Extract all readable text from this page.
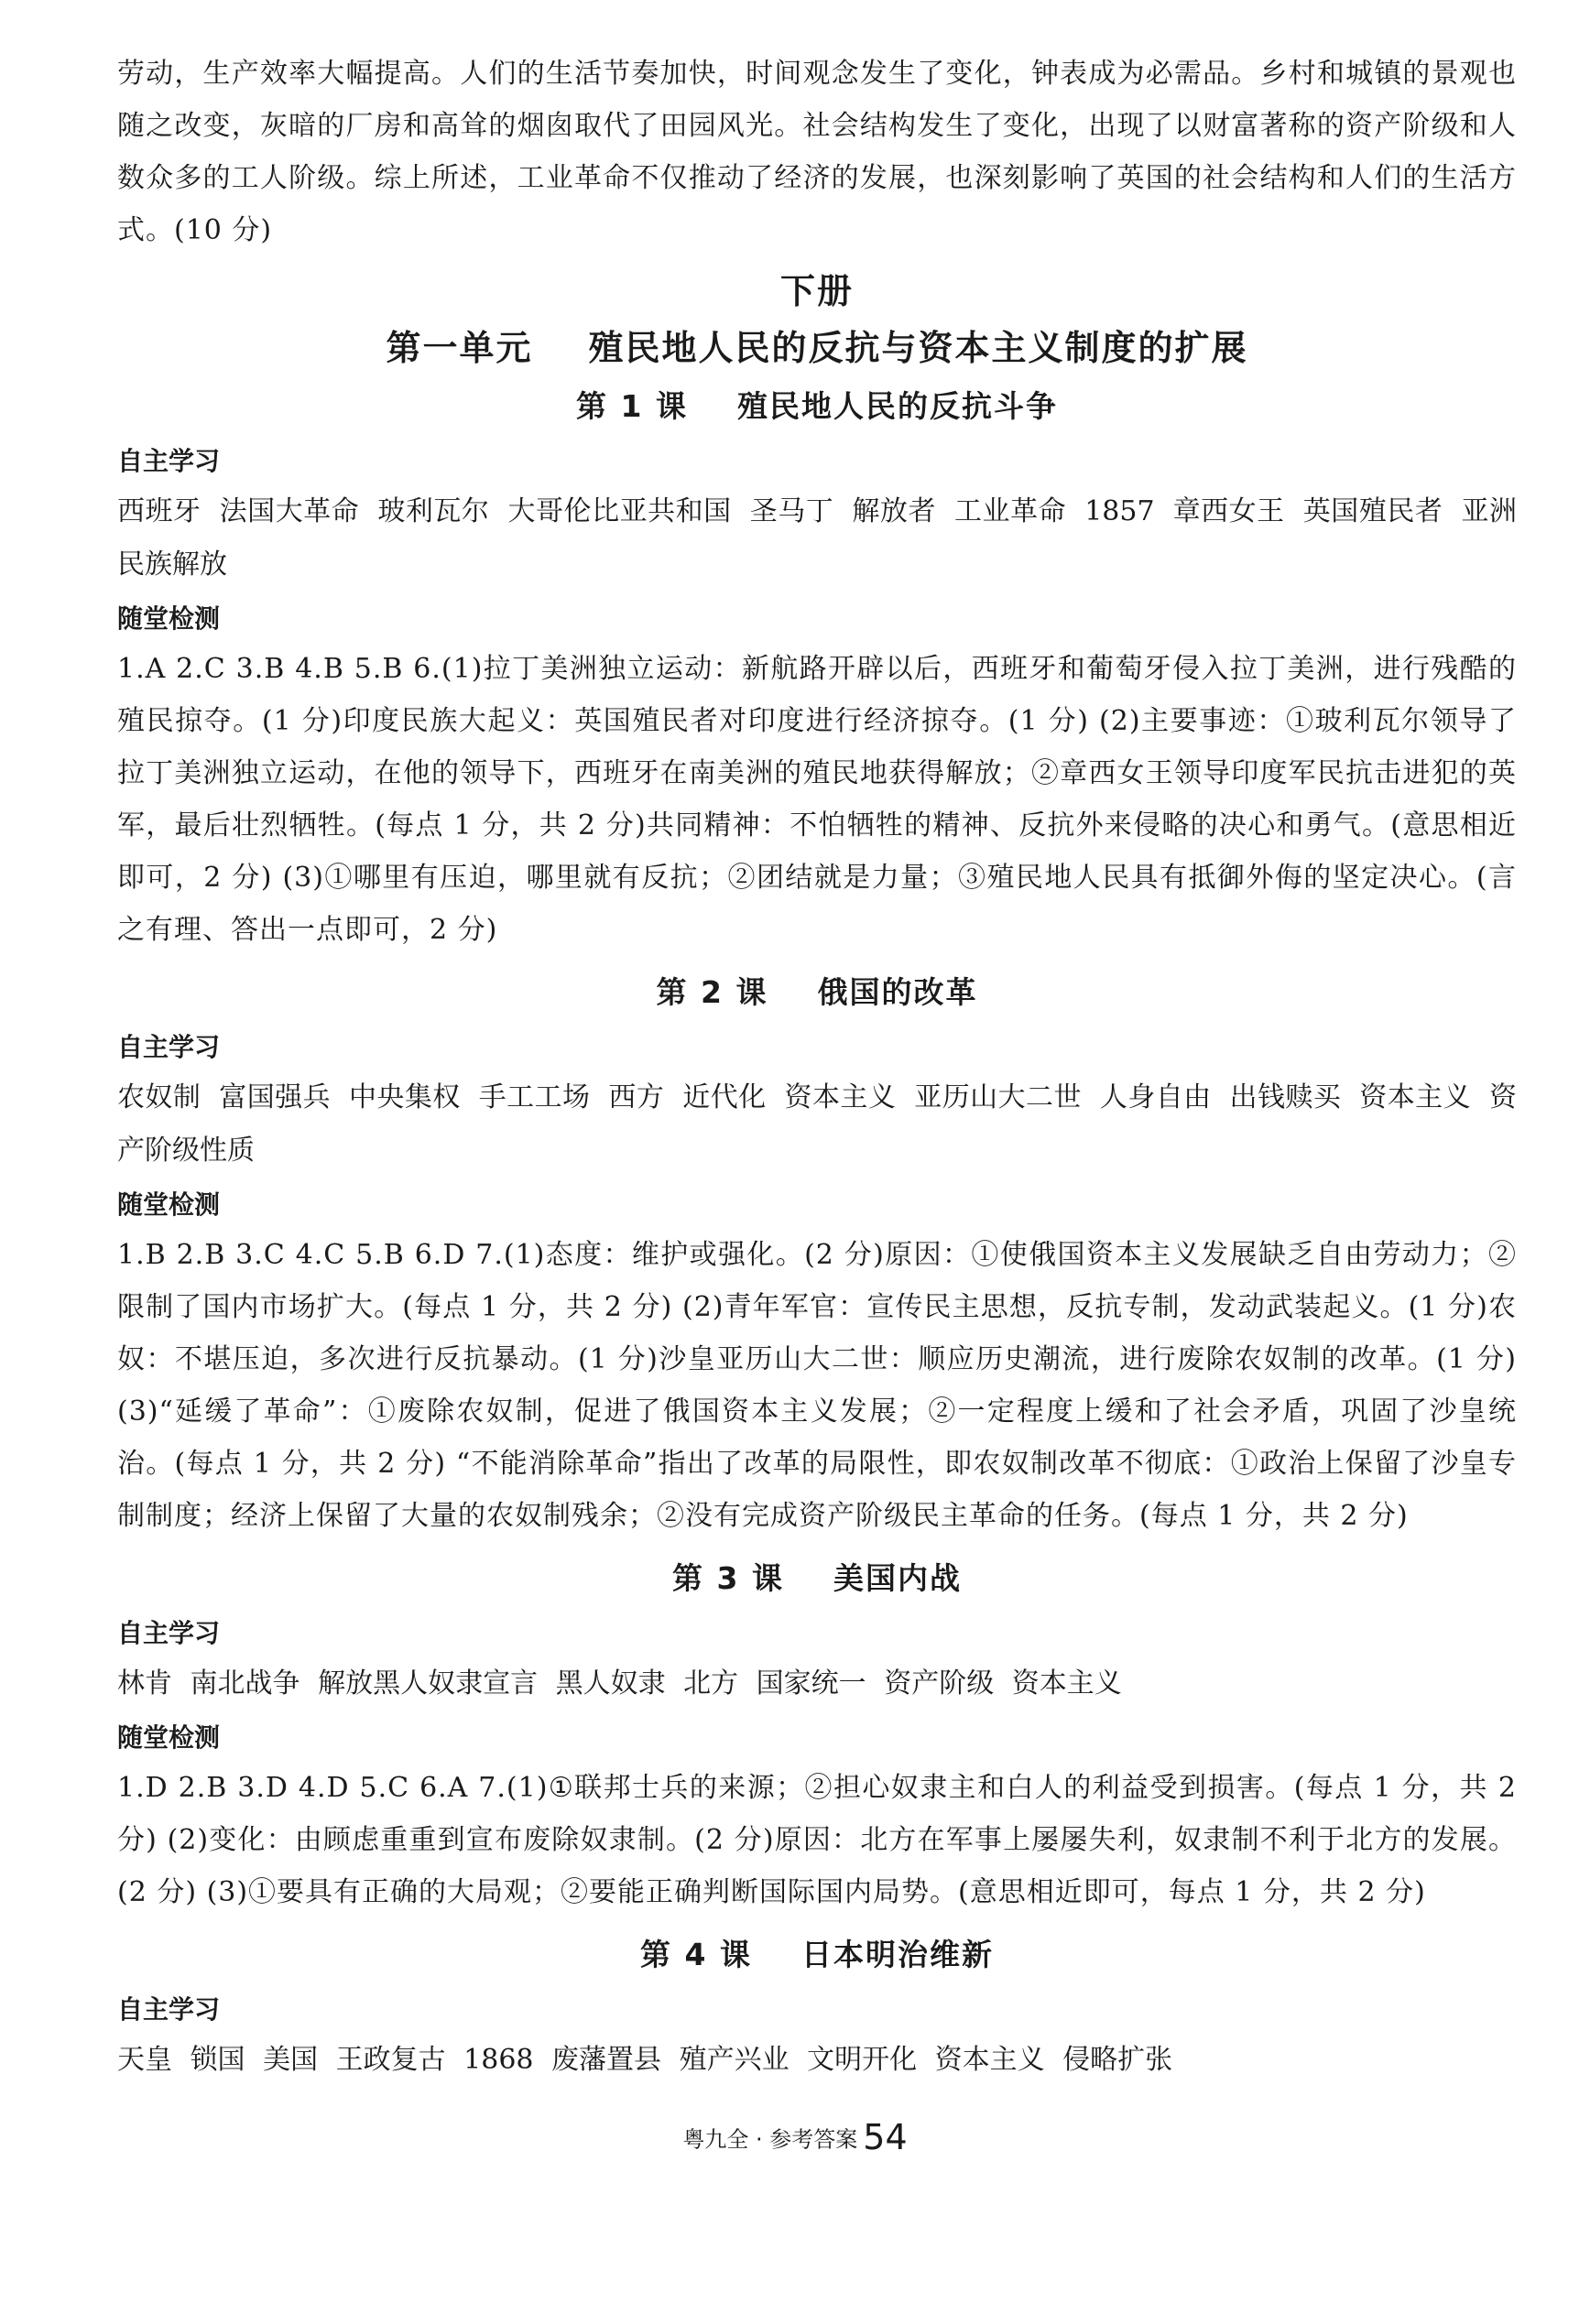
劳动，生产效率大幅提高。人们的生活节奏加快，时间观念发生了变化，钟表成为必需品。乡村和城镇的景观也随之改变，灰暗的厂房和高耸的烟囱取代了田园风光。社会结构发生了变化，出现了以财富著称的资产阶级和人数众多的工人阶级。综上所述，工业革命不仅推动了经济的发展，也深刻影响了英国的社会结构和人们的生活方式。(10 分)

下册
第一单元    殖民地人民的反抗与资本主义制度的扩展
第 1 课    殖民地人民的反抗斗争
自主学习

西班牙 法国大革命 玻利瓦尔 大哥伦比亚共和国 圣马丁 解放者 工业革命 1857 章西女王 英国殖民者 亚洲民族解放

随堂检测

1.A 2.C 3.B 4.B 5.B 6.(1)拉丁美洲独立运动：新航路开辟以后，西班牙和葡萄牙侵入拉丁美洲，进行残酷的殖民掠夺。(1 分)印度民族大起义：英国殖民者对印度进行经济掠夺。(1 分) (2)主要事迹：①玻利瓦尔领导了拉丁美洲独立运动，在他的领导下，西班牙在南美洲的殖民地获得解放；②章西女王领导印度军民抗击进犯的英军，最后壮烈牺牲。(每点 1 分，共 2 分)共同精神：不怕牺牲的精神、反抗外来侵略的决心和勇气。(意思相近即可，2 分) (3)①哪里有压迫，哪里就有反抗；②团结就是力量；③殖民地人民具有抵御外侮的坚定决心。(言之有理、答出一点即可，2 分)

第 2 课    俄国的改革
自主学习

农奴制 富国强兵 中央集权 手工工场 西方 近代化 资本主义 亚历山大二世 人身自由 出钱赎买 资本主义 资产阶级性质

随堂检测

1.B 2.B 3.C 4.C 5.B 6.D 7.(1)态度：维护或强化。(2 分)原因：①使俄国资本主义发展缺乏自由劳动力；②限制了国内市场扩大。(每点 1 分，共 2 分) (2)青年军官：宣传民主思想，反抗专制，发动武装起义。(1 分)农奴：不堪压迫，多次进行反抗暴动。(1 分)沙皇亚历山大二世：顺应历史潮流，进行废除农奴制的改革。(1 分) (3)“延缓了革命”：①废除农奴制，促进了俄国资本主义发展；②一定程度上缓和了社会矛盾，巩固了沙皇统治。(每点 1 分，共 2 分) “不能消除革命”指出了改革的局限性，即农奴制改革不彻底：①政治上保留了沙皇专制制度；经济上保留了大量的农奴制残余；②没有完成资产阶级民主革命的任务。(每点 1 分，共 2 分)

第 3 课    美国内战
自主学习

林肯 南北战争 解放黑人奴隶宣言 黑人奴隶 北方 国家统一 资产阶级 资本主义

随堂检测

1.D 2.B 3.D 4.D 5.C 6.A 7.(1)①联邦士兵的来源；②担心奴隶主和白人的利益受到损害。(每点 1 分，共 2 分) (2)变化：由顾虑重重到宣布废除奴隶制。(2 分)原因：北方在军事上屡屡失利，奴隶制不利于北方的发展。(2 分) (3)①要具有正确的大局观；②要能正确判断国际国内局势。(意思相近即可，每点 1 分，共 2 分)

第 4 课    日本明治维新
自主学习

天皇 锁国 美国 王政复古 1868 废藩置县 殖产兴业 文明开化 资本主义 侵略扩张

粤九全 · 参考答案 54
